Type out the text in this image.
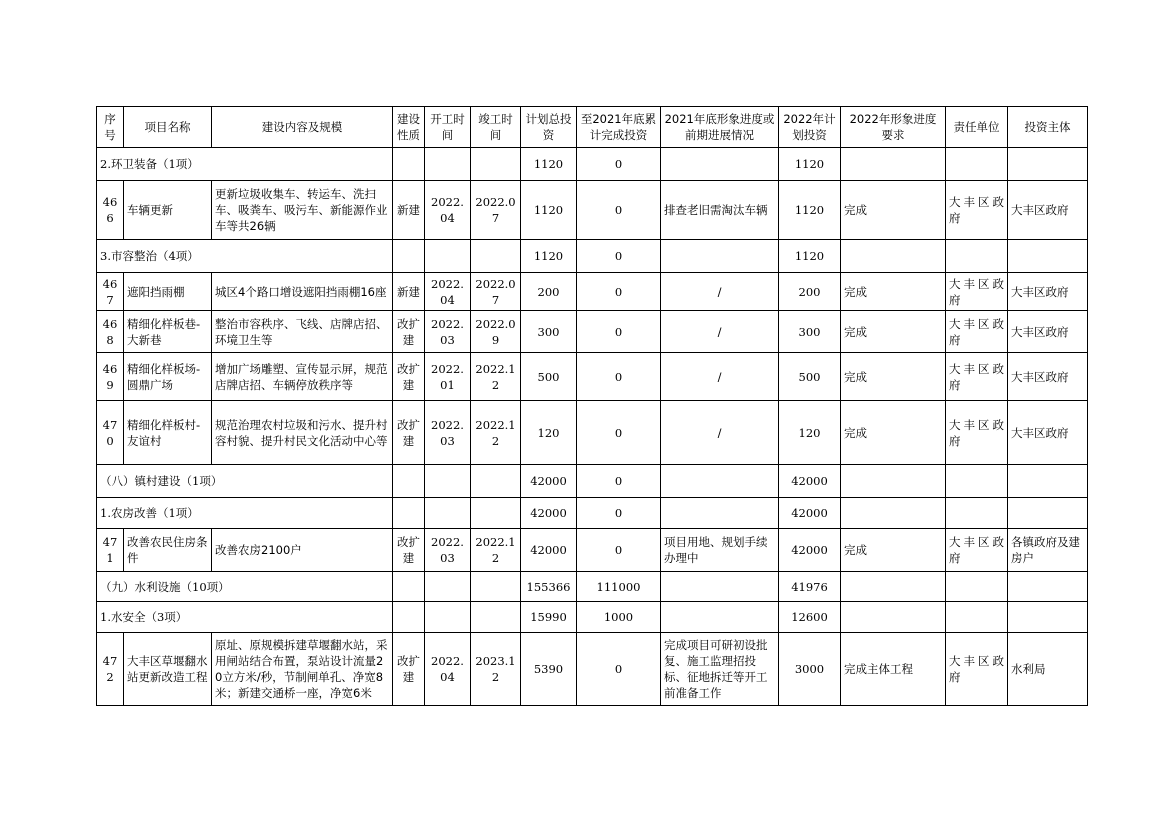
序号	项目名称	建设内容及规模	建设性质	开工时间	竣工时间	计划总投资	至2021年底累计完成投资	2021年底形象进度或前期进展情况	2022年计划投资	2022年形象进度要求	责任单位	投资主体
2.环卫装备（1项）						1120	0		1120			
466	车辆更新	更新垃圾收集车、转运车、洗扫车、吸粪车、吸污车、新能源作业车等共26辆	新建	2022.04	2022.07	1120	0	排查老旧需淘汰车辆	1120	完成	大丰区政府	大丰区政府
3.市容整治（4项）						1120	0		1120			
467	遮阳挡雨棚	城区4个路口增设遮阳挡雨棚16座	新建	2022.04	2022.07	200	0	/	200	完成	大丰区政府	大丰区政府
468	精细化样板巷-大新巷	整治市容秩序、飞线、店牌店招、环境卫生等	改扩建	2022.03	2022.09	300	0	/	300	完成	大丰区政府	大丰区政府
469	精细化样板场-圆鼎广场	增加广场雕塑、宣传显示屏，规范店牌店招、车辆停放秩序等	改扩建	2022.01	2022.12	500	0	/	500	完成	大丰区政府	大丰区政府
470	精细化样板村-友谊村	规范治理农村垃圾和污水、提升村容村貌、提升村民文化活动中心等	改扩建	2022.03	2022.12	120	0	/	120	完成	大丰区政府	大丰区政府
（八）镇村建设（1项）						42000	0		42000			
1.农房改善（1项）						42000	0		42000			
471	改善农民住房条件	改善农房2100户	改扩建	2022.03	2022.12	42000	0	项目用地、规划手续办理中	42000	完成	大丰区政府	各镇政府及建房户
（九）水利设施（10项）						155366	111000		41976			
1.水安全（3项）						15990	1000		12600			
472	大丰区草堰翻水站更新改造工程	原址、原规模拆建草堰翻水站，采用闸站结合布置，泵站设计流量20立方米/秒，节制闸单孔、净宽8米；新建交通桥一座，净宽6米	改扩建	2022.04	2023.12	5390	0	完成项目可研初设批复、施工监理招投标、征地拆迁等开工前准备工作	3000	完成主体工程	大丰区政府	水利局
